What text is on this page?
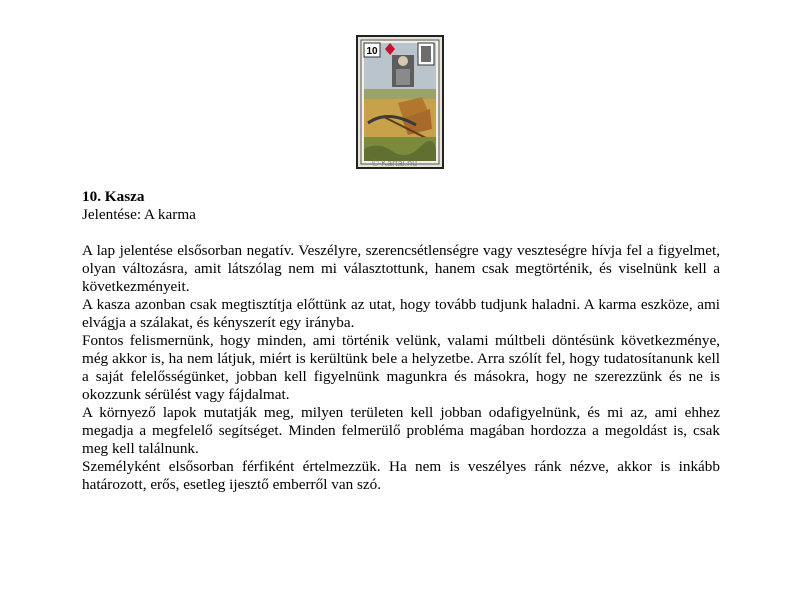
10
© Kartal.hu
10. Kasza
Jelentése: A karma

A lap jelentése elsősorban negatív. Veszélyre, szerencsétlenségre vagy veszteségre hívja fel a figyelmet, olyan változásra, amit látszólag nem mi választottunk, hanem csak megtörténik, és viselnünk kell a következményeit.

A kasza azonban csak megtisztítja előttünk az utat, hogy tovább tudjunk haladni. A karma eszköze, ami elvágja a szálakat, és kényszerít egy irányba.

Fontos felismernünk, hogy minden, ami történik velünk, valami múltbeli döntésünk következménye, még akkor is, ha nem látjuk, miért is kerültünk bele a helyzetbe. Arra szólít fel, hogy tudatosítanunk kell a saját felelősségünket, jobban kell figyelnünk magunkra és másokra, hogy ne szerezzünk és ne is okozzunk sérülést vagy fájdalmat.

A környező lapok mutatják meg, milyen területen kell jobban odafigyelnünk, és mi az, ami ehhez megadja a megfelelő segítséget. Minden felmerülő probléma magában hordozza a megoldást is, csak meg kell találnunk.

Személyként elsősorban férfiként értelmezzük. Ha nem is veszélyes ránk nézve, akkor is inkább határozott, erős, esetleg ijesztő emberről van szó.
